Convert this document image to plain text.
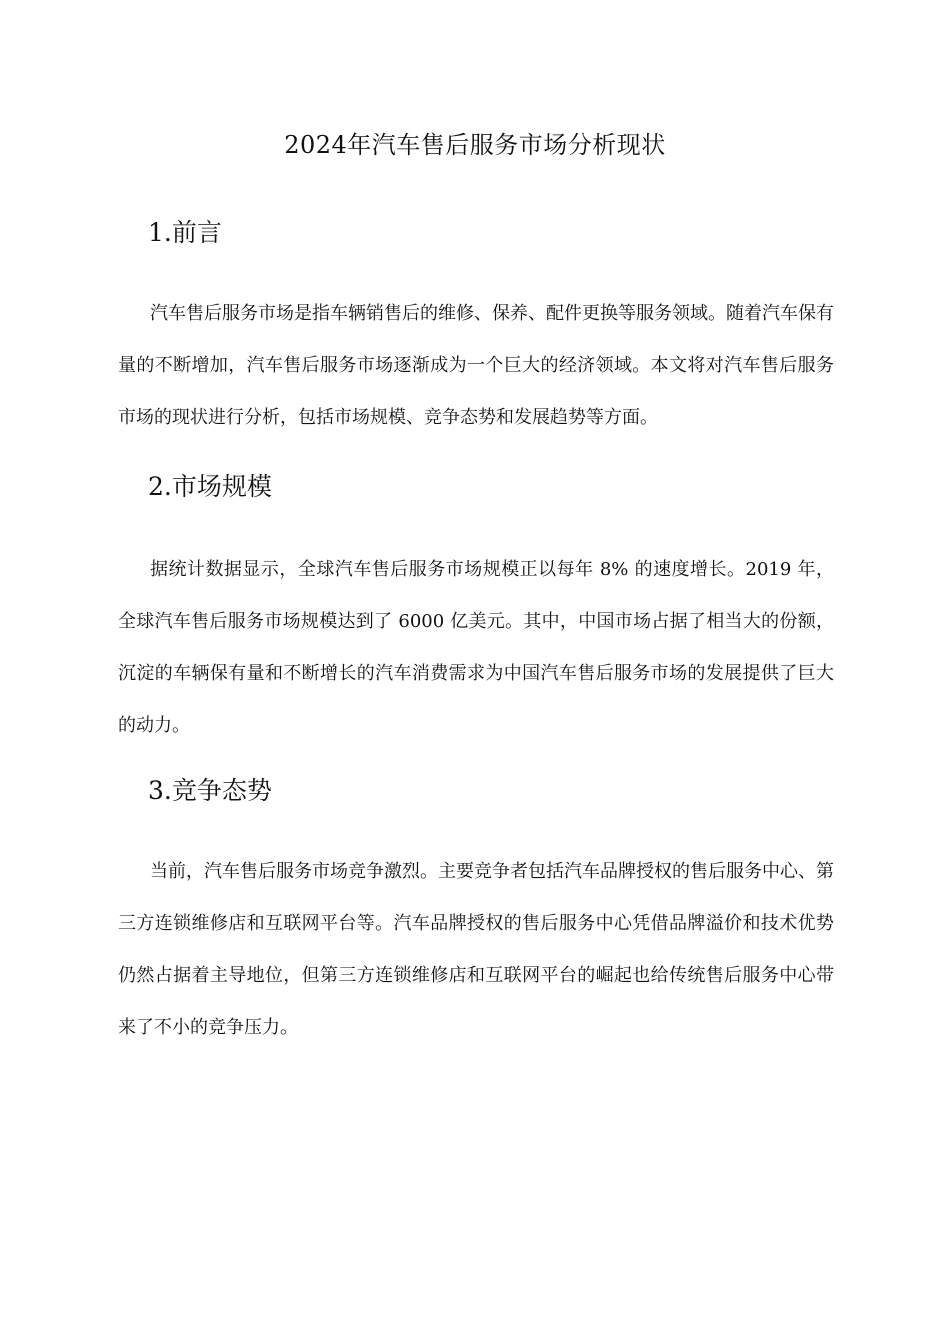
2024年汽车售后服务市场分析现状
1.前言

汽车售后服务市场是指车辆销售后的维修、保养、配件更换等服务领域。随着汽车保有量的不断增加，汽车售后服务市场逐渐成为一个巨大的经济领域。本文将对汽车售后服务市场的现状进行分析，包括市场规模、竞争态势和发展趋势等方面。

2.市场规模

据统计数据显示，全球汽车售后服务市场规模正以每年 8% 的速度增长。2019 年，全球汽车售后服务市场规模达到了 6000 亿美元。其中，中国市场占据了相当大的份额，沉淀的车辆保有量和不断增长的汽车消费需求为中国汽车售后服务市场的发展提供了巨大的动力。

3.竞争态势

当前，汽车售后服务市场竞争激烈。主要竞争者包括汽车品牌授权的售后服务中心、第三方连锁维修店和互联网平台等。汽车品牌授权的售后服务中心凭借品牌溢价和技术优势仍然占据着主导地位，但第三方连锁维修店和互联网平台的崛起也给传统售后服务中心带来了不小的竞争压力。
